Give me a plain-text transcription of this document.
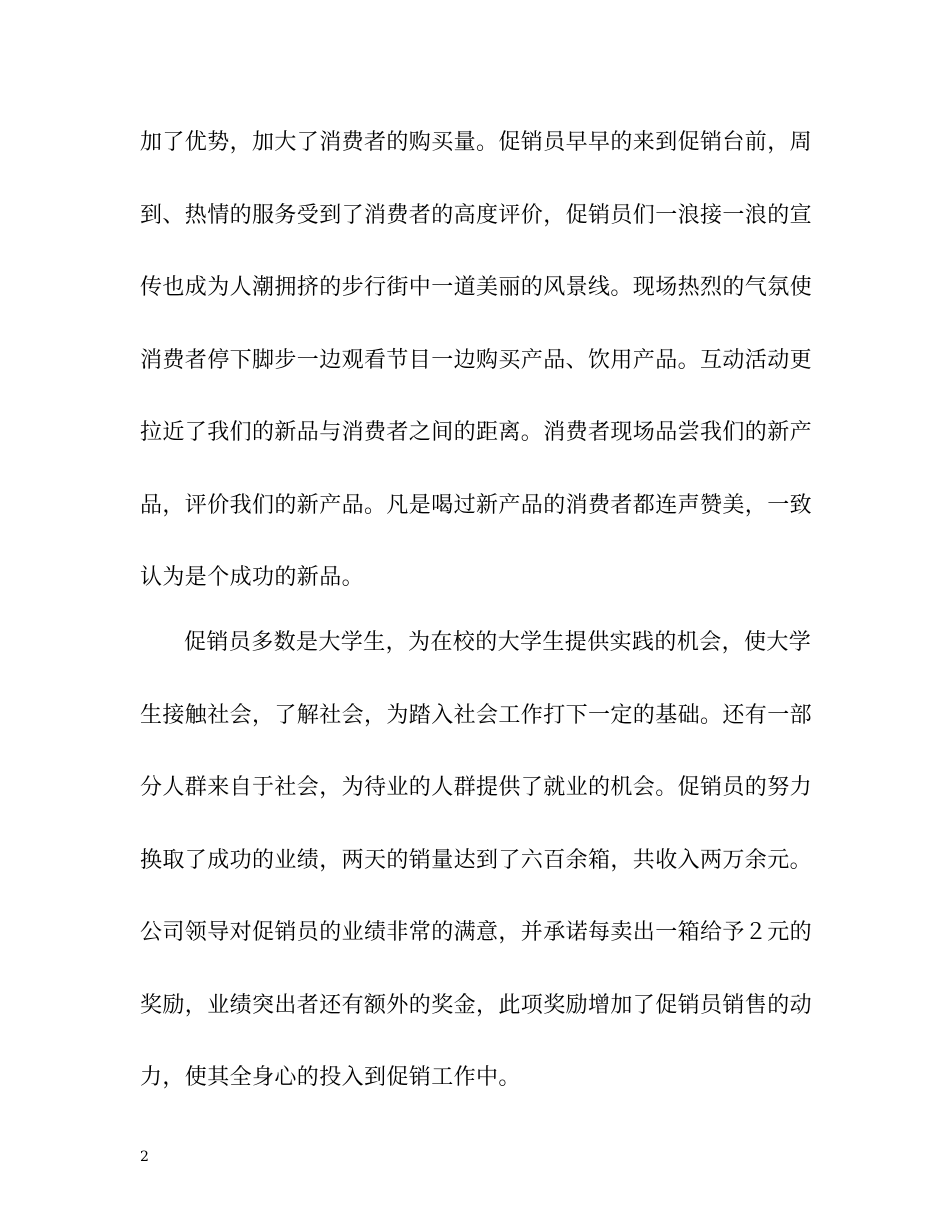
加了优势，加大了消费者的购买量。促销员早早的来到促销台前，周
到、热情的服务受到了消费者的高度评价，促销员们一浪接一浪的宣
传也成为人潮拥挤的步行街中一道美丽的风景线。现场热烈的气氛使
消费者停下脚步一边观看节目一边购买产品、饮用产品。互动活动更
拉近了我们的新品与消费者之间的距离。消费者现场品尝我们的新产
品，评价我们的新产品。凡是喝过新产品的消费者都连声赞美，一致
认为是个成功的新品。
促销员多数是大学生，为在校的大学生提供实践的机会，使大学
生接触社会，了解社会，为踏入社会工作打下一定的基础。还有一部
分人群来自于社会，为待业的人群提供了就业的机会。促销员的努力
换取了成功的业绩，两天的销量达到了六百余箱，共收入两万余元。
公司领导对促销员的业绩非常的满意，并承诺每卖出一箱给予２元的
奖励，业绩突出者还有额外的奖金，此项奖励增加了促销员销售的动
力，使其全身心的投入到促销工作中。
2
